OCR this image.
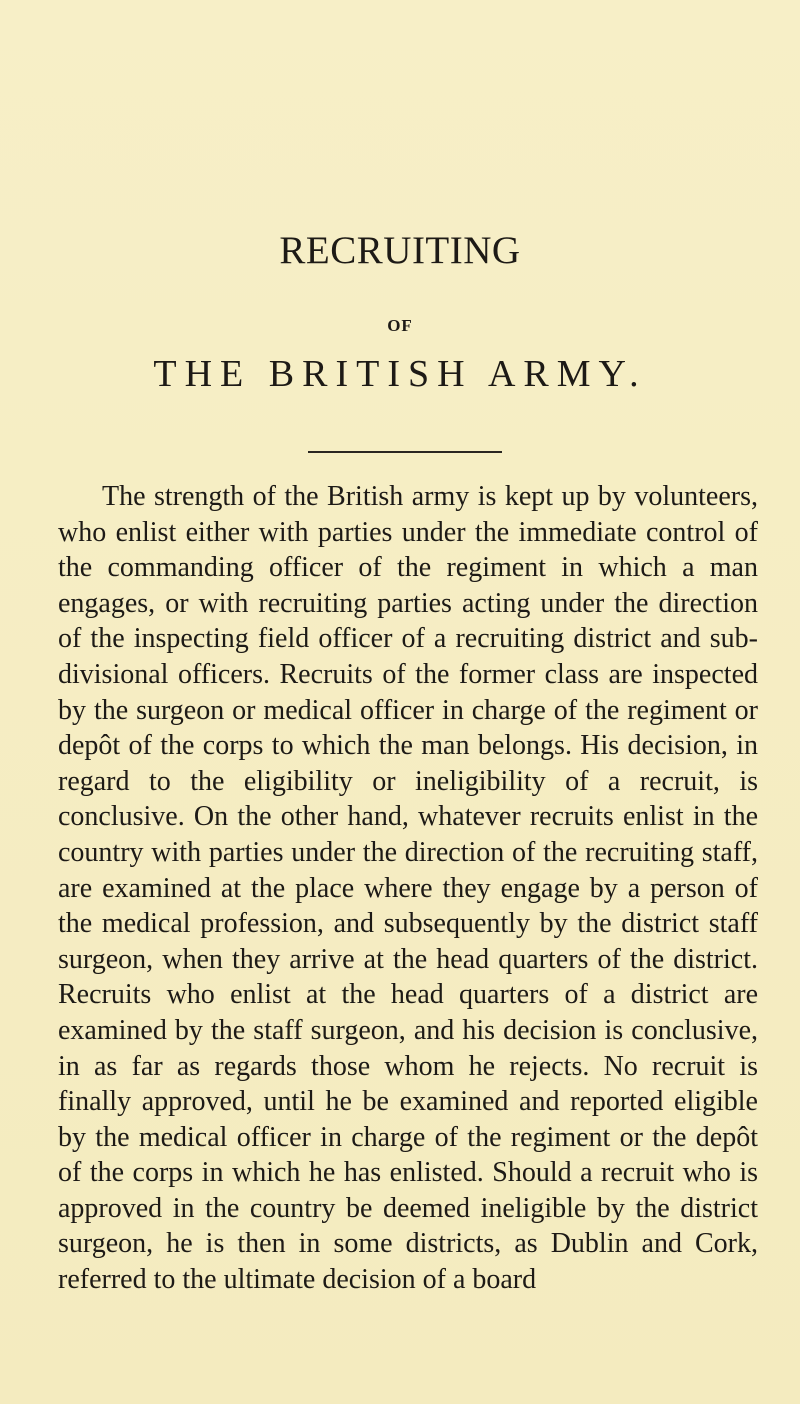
RECRUITING
OF
THE BRITISH ARMY.

The strength of the British army is kept up by volunteers, who enlist either with parties under the immediate control of the commanding officer of the regiment in which a man engages, or with recruiting parties acting under the direction of the inspecting field officer of a recruiting district and sub-divisional officers. Recruits of the former class are inspected by the surgeon or medical officer in charge of the regiment or depôt of the corps to which the man belongs. His decision, in regard to the eligibility or ineligibility of a recruit, is conclusive. On the other hand, whatever recruits enlist in the country with parties under the direction of the recruiting staff, are examined at the place where they engage by a person of the medical profession, and subsequently by the district staff surgeon, when they arrive at the head quarters of the district. Recruits who enlist at the head quarters of a district are examined by the staff surgeon, and his decision is conclusive, in as far as regards those whom he rejects. No recruit is finally approved, until he be examined and reported eligible by the medical officer in charge of the regiment or the depôt of the corps in which he has enlisted. Should a recruit who is approved in the country be deemed ineligible by the district surgeon, he is then in some districts, as Dublin and Cork, referred to the ultimate decision of a board
